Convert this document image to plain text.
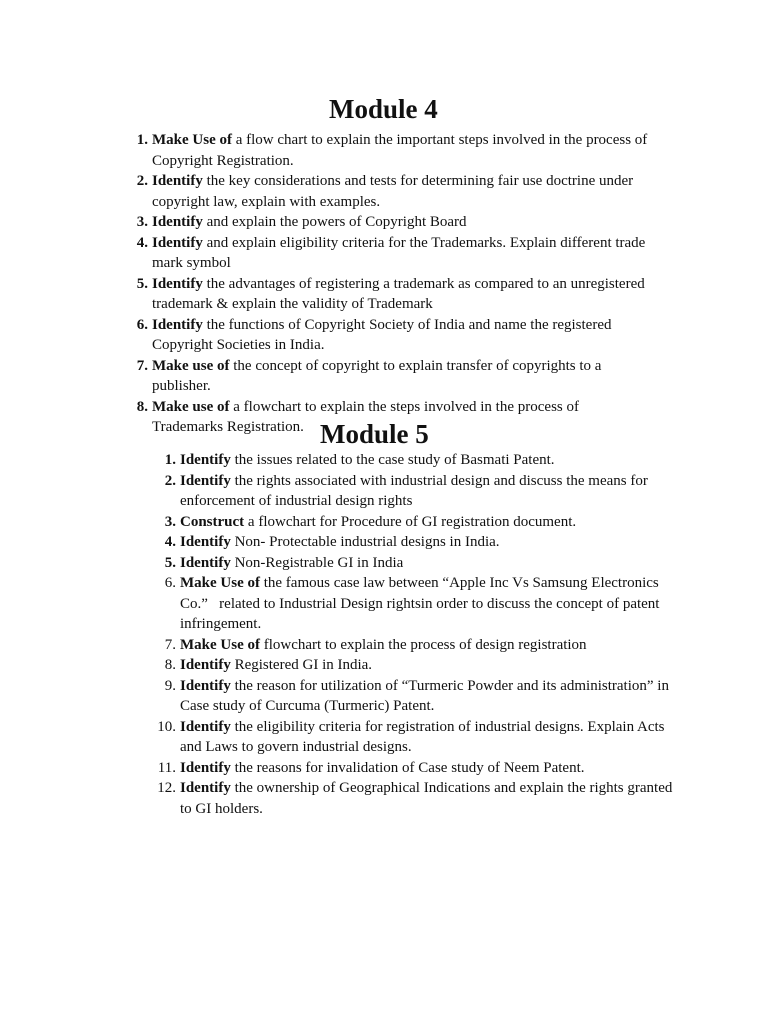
Module 4
1. Make Use of a flow chart to explain the important steps involved in the process of Copyright Registration.
2. Identify the key considerations and tests for determining fair use doctrine under copyright law, explain with examples.
3. Identify and explain the powers of Copyright Board
4. Identify and explain eligibility criteria for the Trademarks. Explain different trade mark symbol
5. Identify the advantages of registering a trademark as compared to an unregistered trademark & explain the validity of Trademark
6. Identify the functions of Copyright Society of India and name the registered Copyright Societies in India.
7. Make use of the concept of copyright to explain transfer of copyrights to a publisher.
8. Make use of a flowchart to explain the steps involved in the process of Trademarks Registration. Module 5
1. Identify the issues related to the case study of Basmati Patent.
2. Identify the rights associated with industrial design and discuss the means for enforcement of industrial design rights
3. Construct a flowchart for Procedure of GI registration document.
4. Identify Non- Protectable industrial designs in India.
5. Identify Non-Registrable GI in India
6. Make Use of the famous case law between “Apple Inc Vs Samsung Electronics Co.”   related to Industrial Design rightsin order to discuss the concept of patent infringement.
7. Make Use of flowchart to explain the process of design registration
8. Identify Registered GI in India.
9. Identify the reason for utilization of “Turmeric Powder and its administration” in Case study of Curcuma (Turmeric) Patent.
10. Identify the eligibility criteria for registration of industrial designs. Explain Acts and Laws to govern industrial designs.
11. Identify the reasons for invalidation of Case study of Neem Patent.
12. Identify the ownership of Geographical Indications and explain the rights granted to GI holders.
